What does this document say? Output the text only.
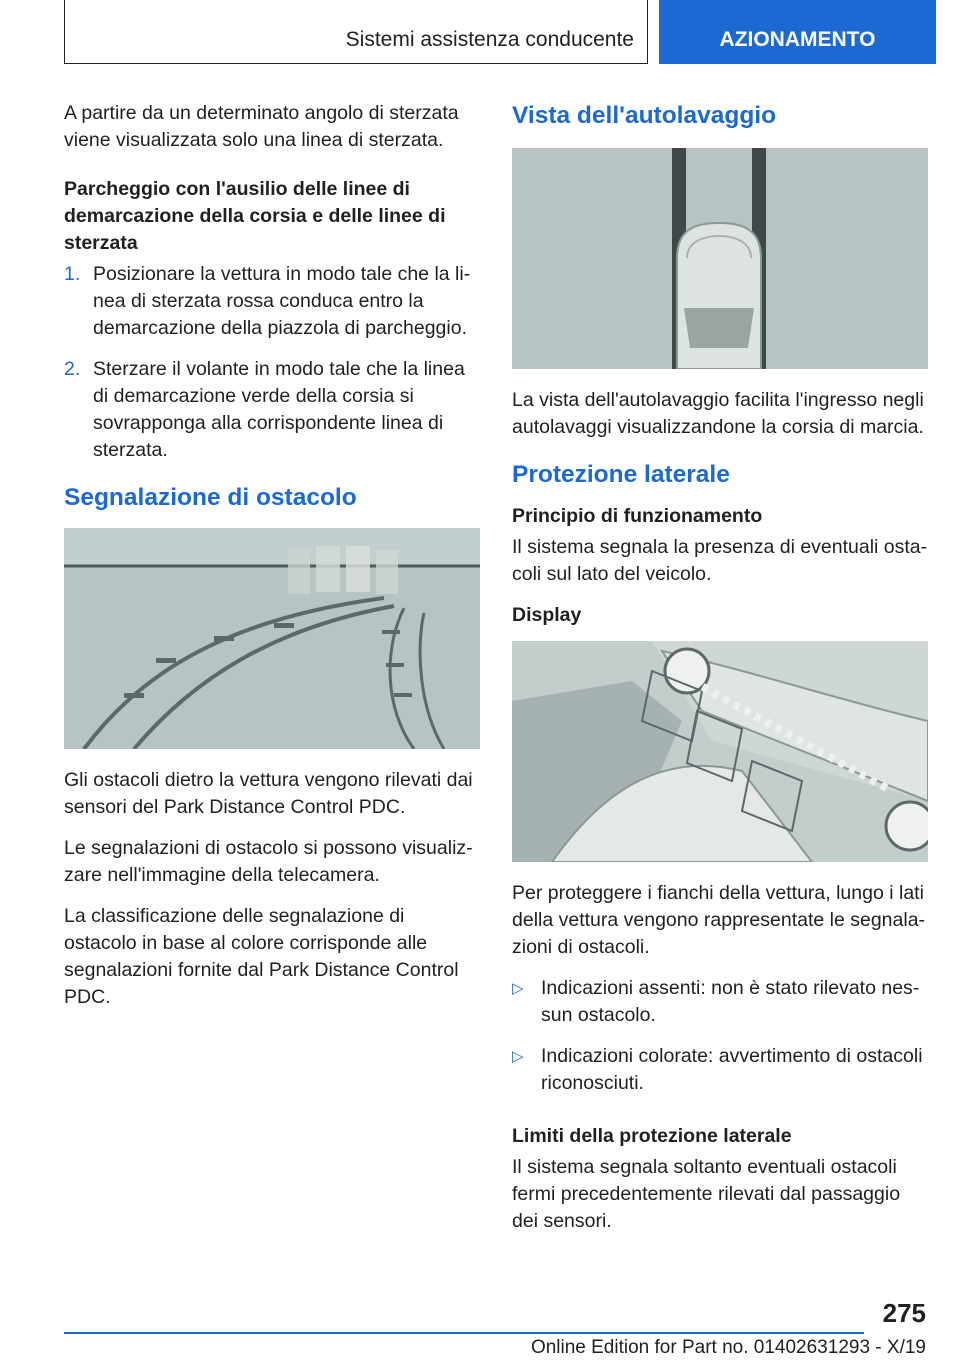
Sistemi assistenza conducente	AZIONAMENTO

A partire da un determinato angolo di sterzata viene visualizzata solo una linea di sterzata.

Parcheggio con l'ausilio delle linee di demarcazione della corsia e delle linee di sterzata
1. Posizionare la vettura in modo tale che la linea di sterzata rossa conduca entro la demarcazione della piazzola di parcheggio.
2. Sterzare il volante in modo tale che la linea di demarcazione verde della corsia si sovrapponga alla corrispondente linea di sterzata.
Segnalazione di ostacolo

Gli ostacoli dietro la vettura vengono rilevati dai sensori del Park Distance Control PDC.

Le segnalazioni di ostacolo si possono visualizzare nell'immagine della telecamera.

La classificazione delle segnalazione di ostacolo in base al colore corrisponde alle segnalazioni fornite dal Park Distance Control PDC.

Vista dell'autolavaggio

La vista dell'autolavaggio facilita l'ingresso negli autolavaggi visualizzandone la corsia di marcia.

Protezione laterale
Principio di funzionamento

Il sistema segnala la presenza di eventuali ostacoli sul lato del veicolo.

Display

Per proteggere i fianchi della vettura, lungo i lati della vettura vengono rappresentate le segnalazioni di ostacoli.

▷ Indicazioni assenti: non è stato rilevato nessun ostacolo.
▷ Indicazioni colorate: avvertimento di ostacoli riconosciuti.
Limiti della protezione laterale

Il sistema segnala soltanto eventuali ostacoli fermi precedentemente rilevati dal passaggio dei sensori.

275
Online Edition for Part no. 01402631293 - X/19
